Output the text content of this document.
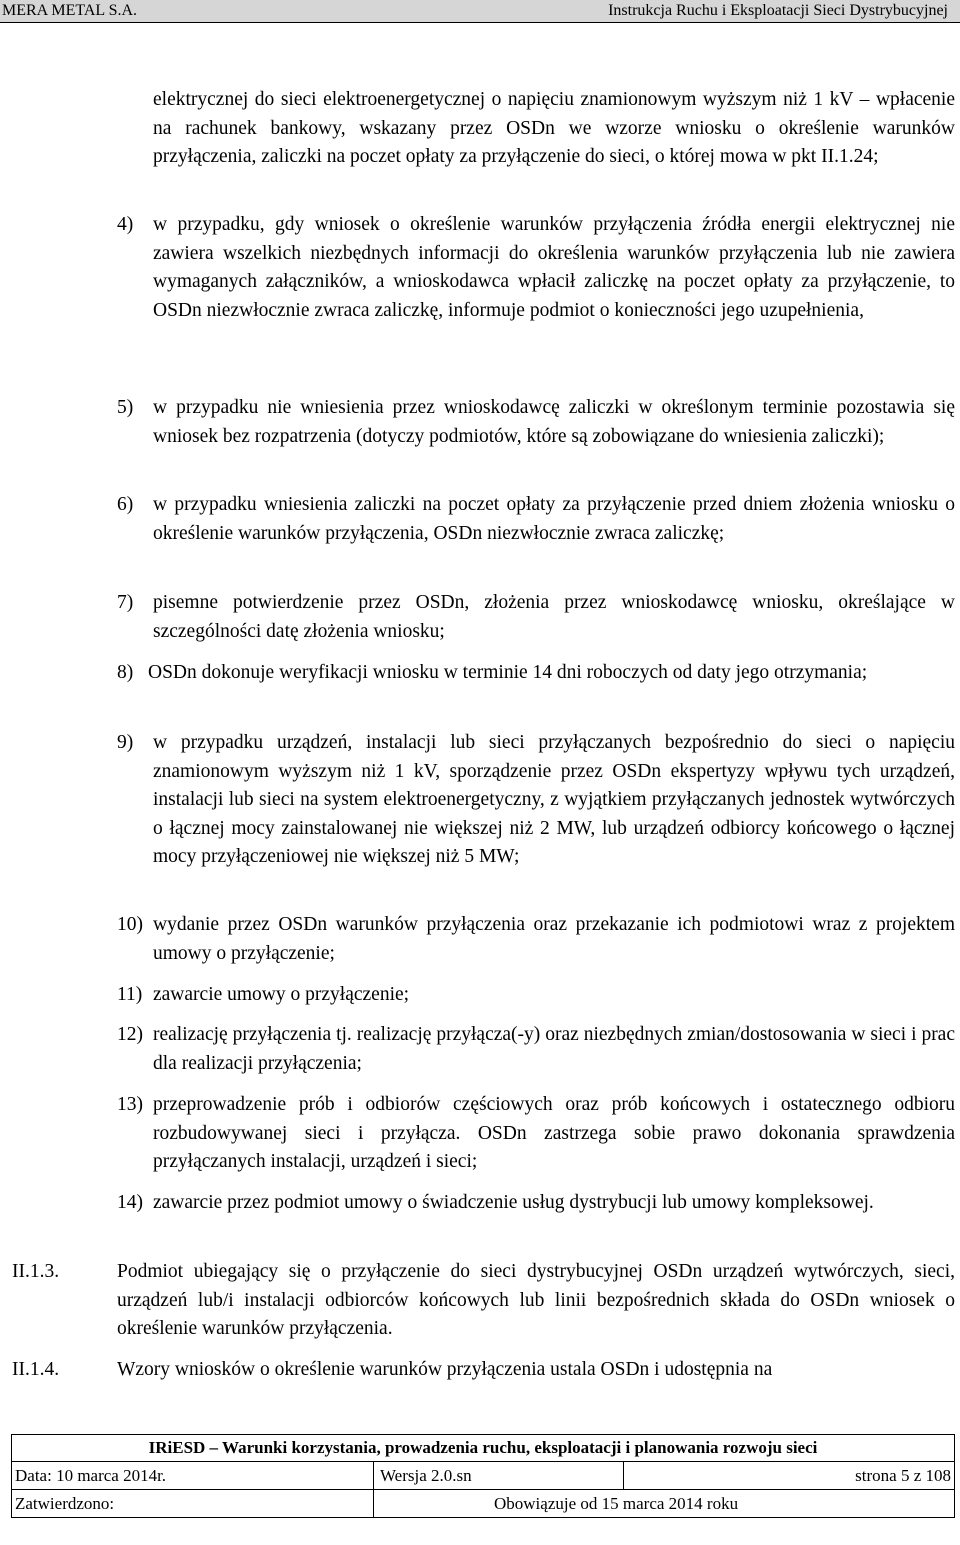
MERA METAL S.A.	Instrukcja Ruchu i Eksploatacji Sieci Dystrybucyjnej
elektrycznej do sieci elektroenergetycznej o napięciu znamionowym wyższym niż 1 kV – wpłacenie na rachunek bankowy, wskazany przez OSDn we wzorze wniosku o określenie warunków przyłączenia, zaliczki na poczet opłaty za przyłączenie do sieci, o której mowa w pkt II.1.24;
4) w przypadku, gdy wniosek o określenie warunków przyłączenia źródła energii elektrycznej nie zawiera wszelkich niezbędnych informacji do określenia warunków przyłączenia lub nie zawiera wymaganych załączników, a wnioskodawca wpłacił zaliczkę na poczet opłaty za przyłączenie, to OSDn niezwłocznie zwraca zaliczkę, informuje podmiot o konieczności jego uzupełnienia,
5) w przypadku nie wniesienia przez wnioskodawcę zaliczki w określonym terminie pozostawia się wniosek bez rozpatrzenia (dotyczy podmiotów, które są zobowiązane do wniesienia zaliczki);
6) w przypadku wniesienia zaliczki na poczet opłaty za przyłączenie przed dniem złożenia wniosku o określenie warunków przyłączenia, OSDn niezwłocznie zwraca zaliczkę;
7) pisemne potwierdzenie przez OSDn, złożenia przez wnioskodawcę wniosku, określające w szczególności datę złożenia wniosku;
8) OSDn dokonuje weryfikacji wniosku w terminie 14 dni roboczych od daty jego otrzymania;
9) w przypadku urządzeń, instalacji lub sieci przyłączanych bezpośrednio do sieci o napięciu znamionowym wyższym niż 1 kV, sporządzenie przez OSDn ekspertyzy wpływu tych urządzeń, instalacji lub sieci na system elektroenergetyczny, z wyjątkiem przyłączanych jednostek wytwórczych o łącznej mocy zainstalowanej nie większej niż 2 MW, lub urządzeń odbiorcy końcowego o łącznej mocy przyłączeniowej nie większej niż 5 MW;
10) wydanie przez OSDn warunków przyłączenia oraz przekazanie ich podmiotowi wraz z projektem umowy o przyłączenie;
11) zawarcie umowy o przyłączenie;
12) realizację przyłączenia tj. realizację przyłącza(-y) oraz niezbędnych zmian/dostosowania w sieci i prac dla realizacji przyłączenia;
13) przeprowadzenie prób i odbiorów częściowych oraz prób końcowych i ostatecznego odbioru rozbudowywanej sieci i przyłącza. OSDn zastrzega sobie prawo dokonania sprawdzenia przyłączanych instalacji, urządzeń i sieci;
14) zawarcie przez podmiot umowy o świadczenie usług dystrybucji lub umowy kompleksowej.
II.1.3.	Podmiot ubiegający się o przyłączenie do sieci dystrybucyjnej OSDn urządzeń wytwórczych, sieci, urządzeń lub/i instalacji odbiorców końcowych lub linii bezpośrednich składa do OSDn wniosek o określenie warunków przyłączenia.
II.1.4.	Wzory wniosków o określenie warunków przyłączenia ustala OSDn i udostępnia na
IRiESD – Warunki korzystania, prowadzenia ruchu, eksploatacji i planowania rozwoju sieci		
Data: 10 marca 2014r.	Wersja 2.0.sn	strona 5 z 108
Zatwierdzono:	Obowiązuje od 15 marca 2014 roku	
